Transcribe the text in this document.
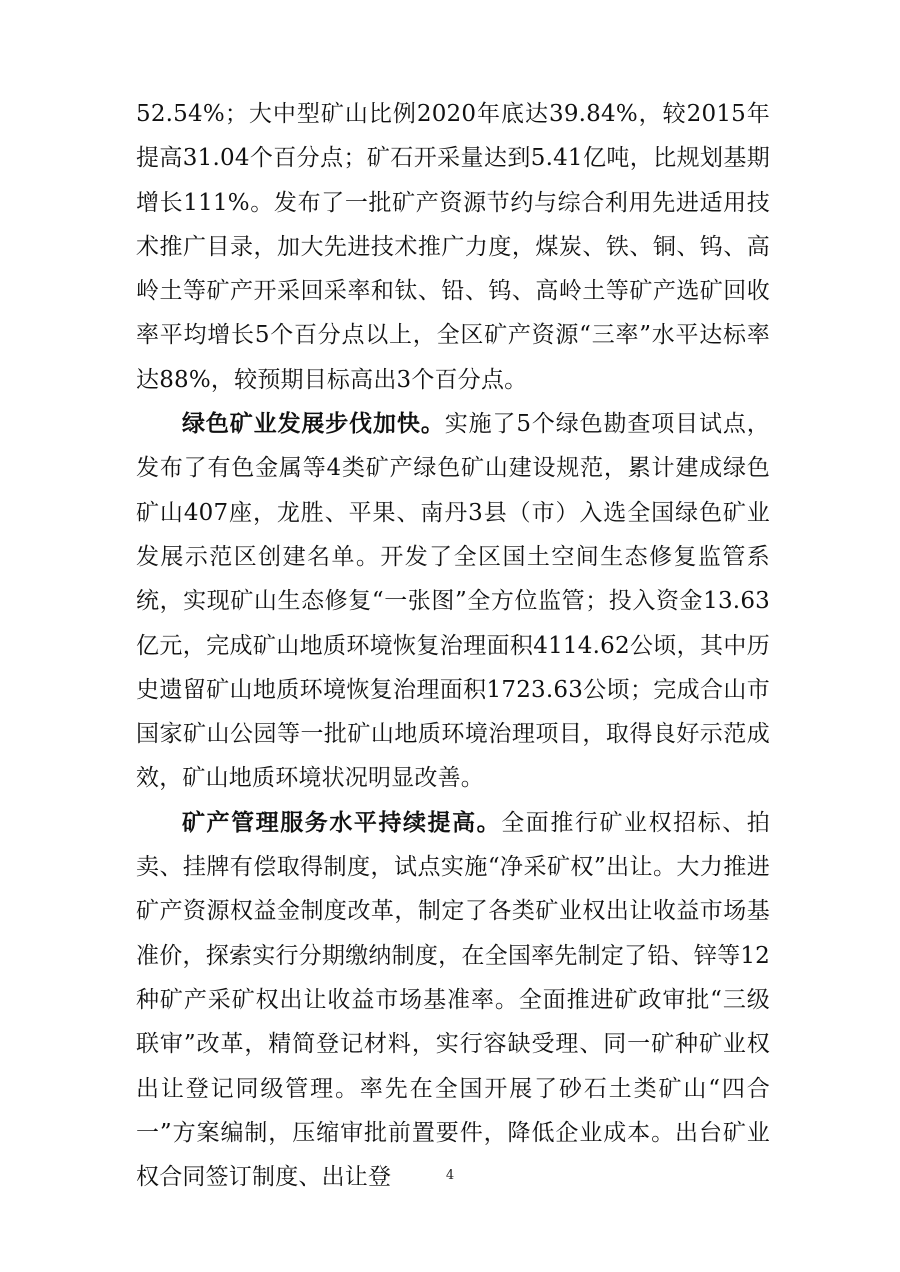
52.54%；大中型矿山比例2020年底达39.84%，较2015年提高31.04个百分点；矿石开采量达到5.41亿吨，比规划基期增长111%。发布了一批矿产资源节约与综合利用先进适用技术推广目录，加大先进技术推广力度，煤炭、铁、铜、钨、高岭土等矿产开采回采率和钛、铅、钨、高岭土等矿产选矿回收率平均增长5个百分点以上，全区矿产资源“三率”水平达标率达88%，较预期目标高出3个百分点。

绿色矿业发展步伐加快。实施了5个绿色勘查项目试点，发布了有色金属等4类矿产绿色矿山建设规范，累计建成绿色矿山407座，龙胜、平果、南丹3县（市）入选全国绿色矿业发展示范区创建名单。开发了全区国土空间生态修复监管系统，实现矿山生态修复“一张图”全方位监管；投入资金13.63亿元，完成矿山地质环境恢复治理面积4114.62公顷，其中历史遗留矿山地质环境恢复治理面积1723.63公顷；完成合山市国家矿山公园等一批矿山地质环境治理项目，取得良好示范成效，矿山地质环境状况明显改善。

矿产管理服务水平持续提高。全面推行矿业权招标、拍卖、挂牌有偿取得制度，试点实施“净采矿权”出让。大力推进矿产资源权益金制度改革，制定了各类矿业权出让收益市场基准价，探索实行分期缴纳制度，在全国率先制定了铅、锌等12种矿产采矿权出让收益市场基准率。全面推进矿政审批“三级联审”改革，精简登记材料，实行容缺受理、同一矿种矿业权出让登记同级管理。率先在全国开展了砂石土类矿山“四合一”方案编制，压缩审批前置要件，降低企业成本。出台矿业权合同签订制度、出让登	4
